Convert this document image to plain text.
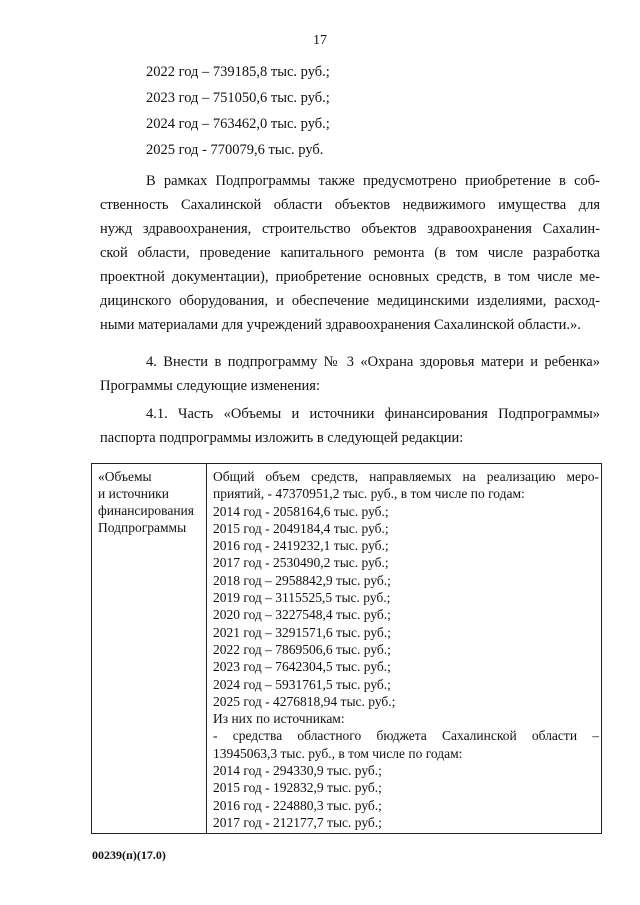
17
2022 год – 739185,8 тыс. руб.;
2023 год – 751050,6 тыс. руб.;
2024 год – 763462,0 тыс. руб.;
2025 год - 770079,6 тыс. руб.
В рамках Подпрограммы также предусмотрено приобретение в соб-
ственность Сахалинской области объектов недвижимого имущества для
нужд здравоохранения, строительство объектов здравоохранения Сахалин-
ской области, проведение капитального ремонта (в том числе разработка
проектной документации), приобретение основных средств, в том числе ме-
дицинского оборудования, и обеспечение медицинскими изделиями, расход-
ными материалами для учреждений здравоохранения Сахалинской области.».
4. Внести в подпрограмму № 3 «Охрана здоровья матери и ребенка»
Программы следующие изменения:
4.1. Часть «Объемы и источники финансирования Подпрограммы»
паспорта подпрограммы изложить в следующей редакции:
«Объемы
и источники
финансирования
Подпрограммы
Общий объем средств, направляемых на реализацию меро-
приятий, - 47370951,2 тыс. руб., в том числе по годам:
2014 год - 2058164,6 тыс. руб.;
2015 год - 2049184,4 тыс. руб.;
2016 год - 2419232,1 тыс. руб.;
2017 год - 2530490,2 тыс. руб.;
2018 год – 2958842,9 тыс. руб.;
2019 год – 3115525,5 тыс. руб.;
2020 год – 3227548,4 тыс. руб.;
2021 год – 3291571,6 тыс. руб.;
2022 год – 7869506,6 тыс. руб.;
2023 год – 7642304,5 тыс. руб.;
2024 год – 5931761,5 тыс. руб.;
2025 год - 4276818,94 тыс. руб.;
Из них по источникам:
- средства областного бюджета Сахалинской области –
13945063,3 тыс. руб., в том числе по годам:
2014 год - 294330,9 тыс. руб.;
2015 год - 192832,9 тыс. руб.;
2016 год - 224880,3 тыс. руб.;
2017 год - 212177,7 тыс. руб.;
00239(п)(17.0)
